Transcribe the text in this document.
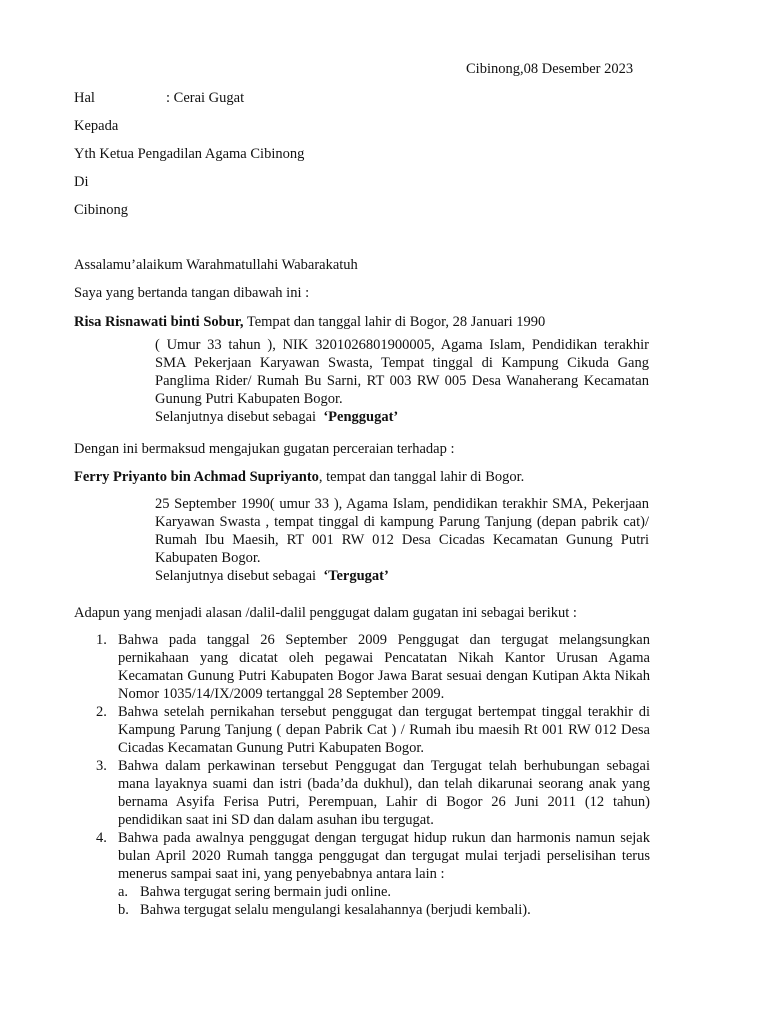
Cibinong,08 Desember 2023
Hal	: Cerai Gugat
Kepada
Yth Ketua Pengadilan Agama Cibinong
Di
Cibinong
Assalamu’alaikum Warahmatullahi Wabarakatuh
Saya yang bertanda tangan dibawah ini :
Risa Risnawati binti Sobur, Tempat dan tanggal lahir di Bogor, 28 Januari 1990

( Umur 33 tahun ), NIK 3201026801900005, Agama Islam, Pendidikan terakhir SMA Pekerjaan Karyawan Swasta, Tempat tinggal di Kampung Cikuda Gang Panglima Rider/ Rumah Bu Sarni, RT 003 RW 005 Desa Wanaherang Kecamatan Gunung Putri Kabupaten Bogor.

Selanjutnya disebut sebagai  ‘Penggugat’

Dengan ini bermaksud mengajukan gugatan perceraian terhadap :
Ferry Priyanto bin Achmad Supriyanto, tempat dan tanggal lahir di Bogor.

25 September 1990( umur 33 ), Agama Islam, pendidikan terakhir SMA, Pekerjaan Karyawan Swasta , tempat tinggal di kampung Parung Tanjung (depan pabrik cat)/ Rumah Ibu Maesih, RT 001 RW 012 Desa Cicadas Kecamatan Gunung Putri Kabupaten Bogor.

Selanjutnya disebut sebagai  ‘Tergugat’

Adapun yang menjadi alasan /dalil-dalil penggugat dalam gugatan ini sebagai berikut :
1. Bahwa pada tanggal 26 September 2009 Penggugat dan tergugat melangsungkan pernikahaan yang dicatat oleh pegawai Pencatatan Nikah Kantor Urusan Agama Kecamatan Gunung Putri Kabupaten Bogor Jawa Barat sesuai dengan Kutipan Akta Nikah Nomor 1035/14/IX/2009 tertanggal 28 September 2009.
2. Bahwa setelah pernikahan tersebut penggugat dan tergugat bertempat tinggal terakhir di Kampung Parung Tanjung ( depan Pabrik Cat ) / Rumah ibu maesih Rt 001 RW 012 Desa Cicadas Kecamatan Gunung Putri Kabupaten Bogor.
3. Bahwa dalam perkawinan tersebut Penggugat dan Tergugat telah berhubungan sebagai mana layaknya suami dan istri (bada’da dukhul), dan telah dikarunai seorang anak yang bernama Asyifa Ferisa Putri, Perempuan, Lahir di Bogor 26 Juni 2011 (12 tahun) pendidikan saat ini SD dan dalam asuhan ibu tergugat.
4. Bahwa pada awalnya penggugat dengan tergugat hidup rukun dan harmonis namun sejak bulan April 2020 Rumah tangga penggugat dan tergugat mulai terjadi perselisihan terus menerus sampai saat ini, yang penyebabnya antara lain :
a. Bahwa tergugat sering bermain judi online.
b. Bahwa tergugat selalu mengulangi kesalahannya (berjudi kembali).
